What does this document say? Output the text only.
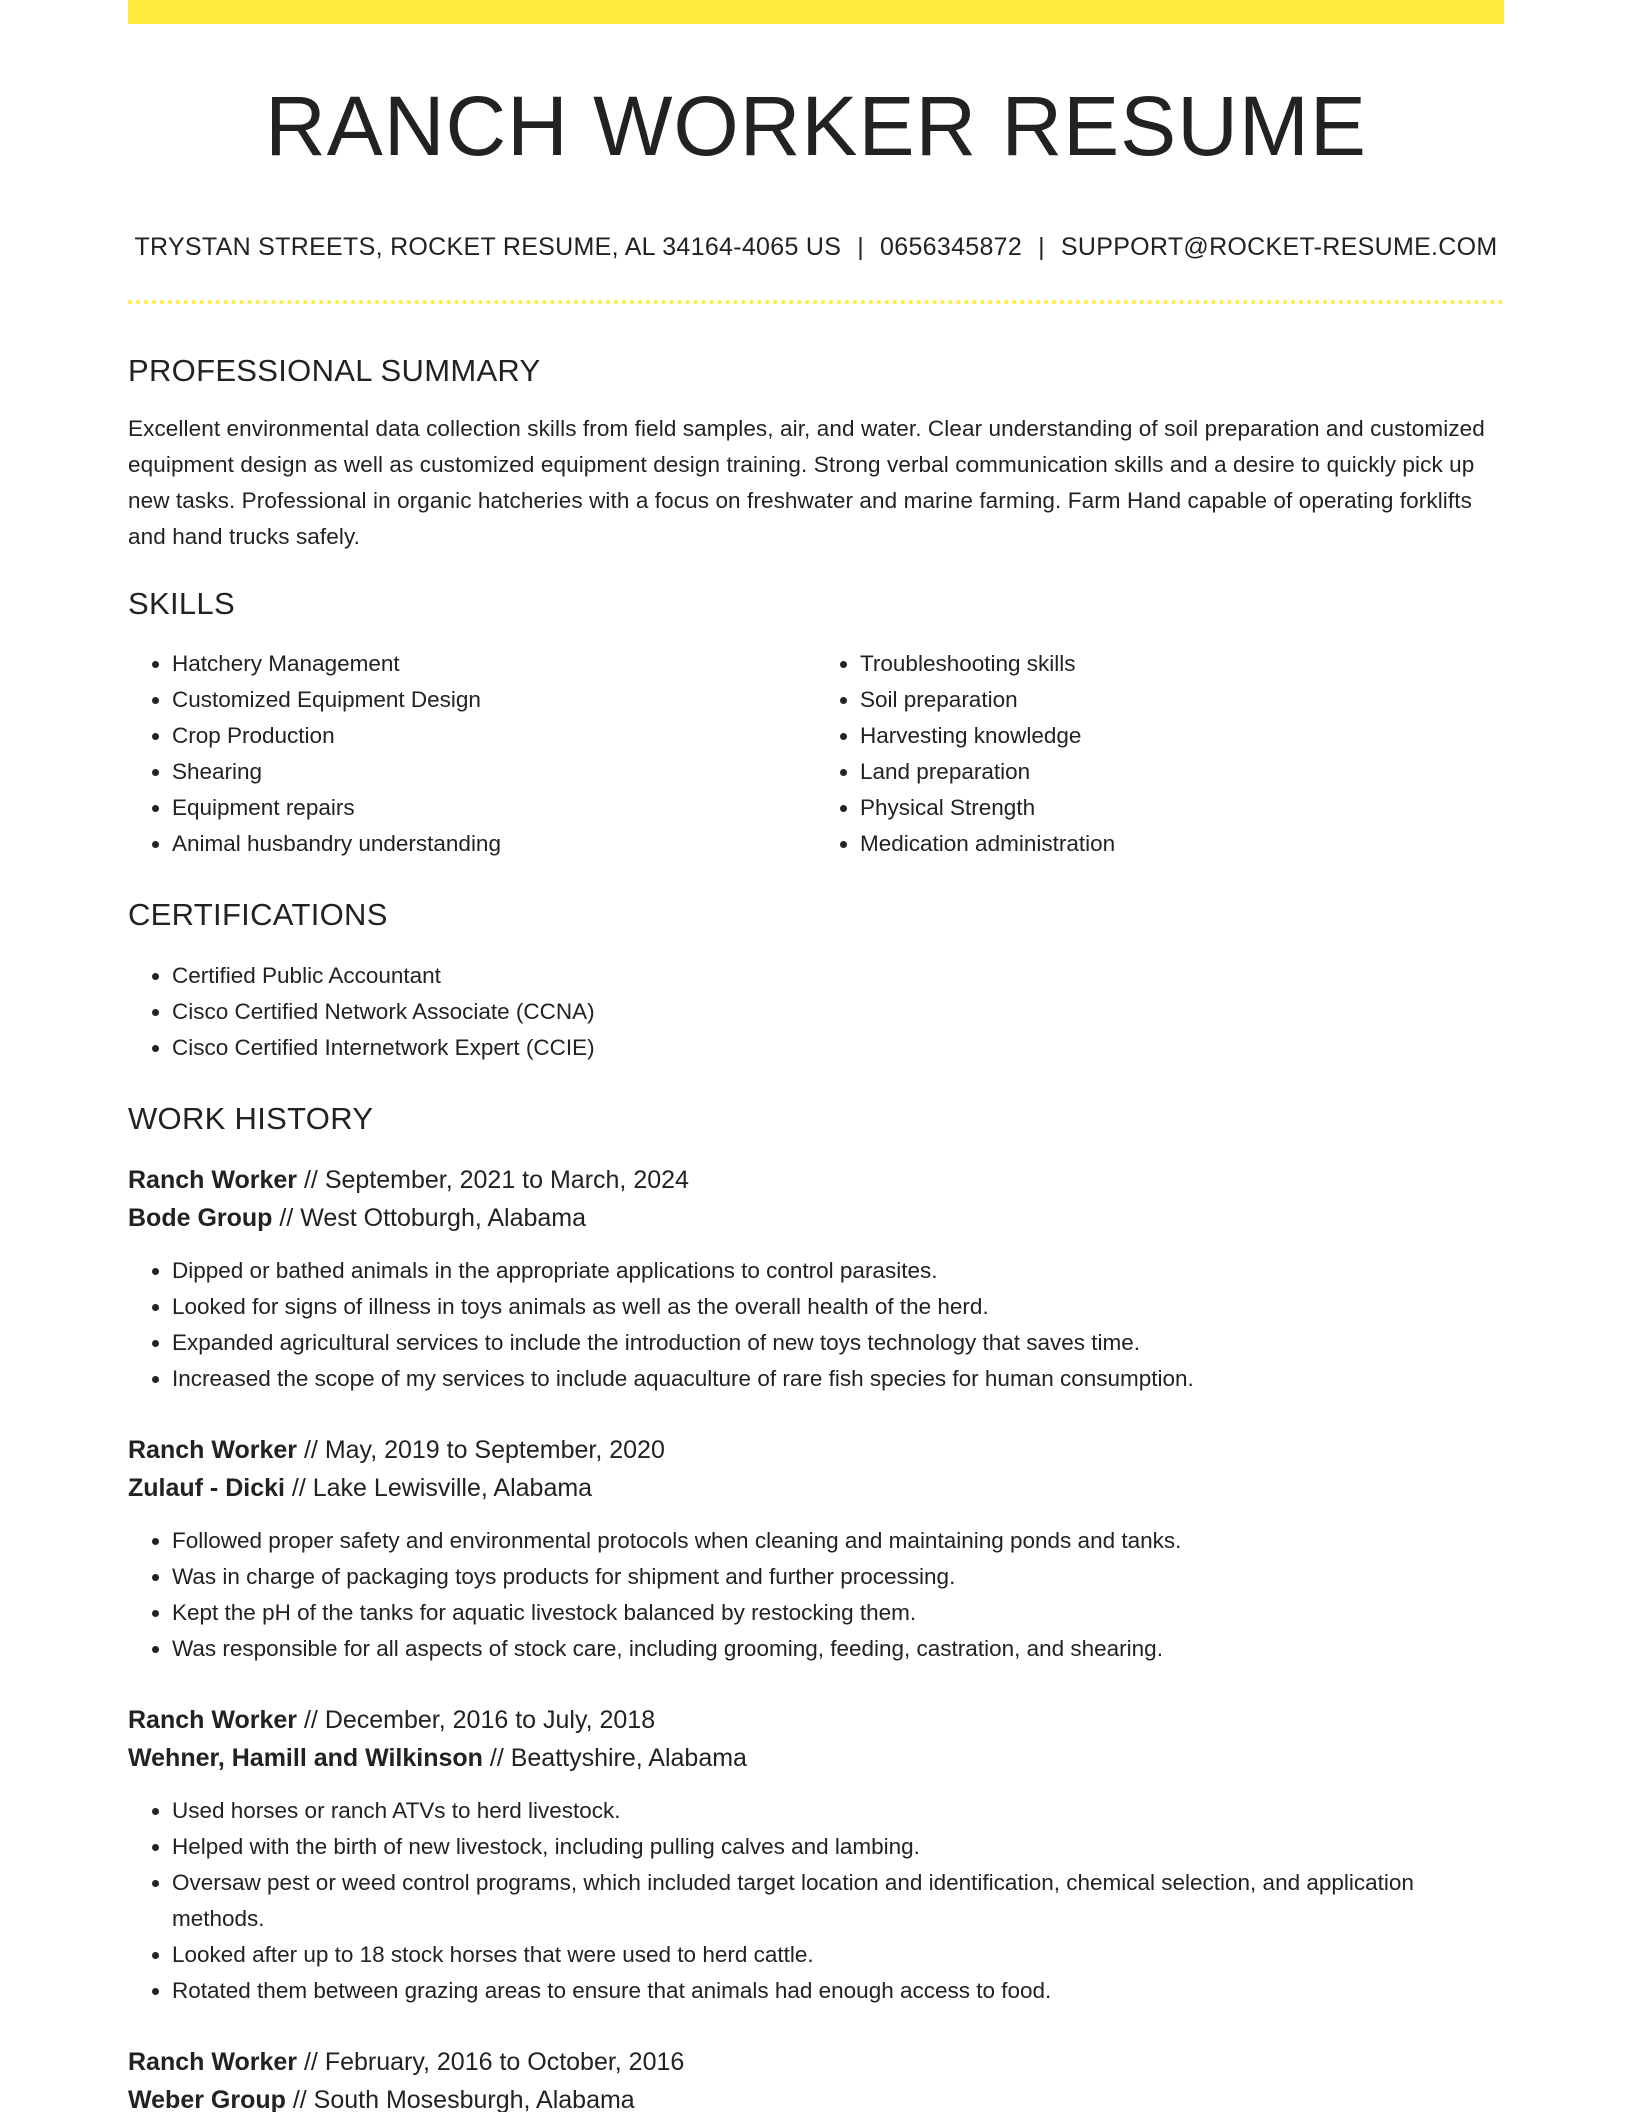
RANCH WORKER RESUME
TRYSTAN STREETS, ROCKET RESUME, AL 34164-4065 US | 0656345872 | SUPPORT@ROCKET-RESUME.COM
PROFESSIONAL SUMMARY

Excellent environmental data collection skills from field samples, air, and water. Clear understanding of soil preparation and customized equipment design as well as customized equipment design training. Strong verbal communication skills and a desire to quickly pick up new tasks. Professional in organic hatcheries with a focus on freshwater and marine farming. Farm Hand capable of operating forklifts and hand trucks safely.

SKILLS
• Hatchery Management
• Customized Equipment Design
• Crop Production
• Shearing
• Equipment repairs
• Animal husbandry understanding
• Troubleshooting skills
• Soil preparation
• Harvesting knowledge
• Land preparation
• Physical Strength
• Medication administration
CERTIFICATIONS
• Certified Public Accountant
• Cisco Certified Network Associate (CCNA)
• Cisco Certified Internetwork Expert (CCIE)
WORK HISTORY
Ranch Worker // September, 2021 to March, 2024
Bode Group // West Ottoburgh, Alabama
• Dipped or bathed animals in the appropriate applications to control parasites.
• Looked for signs of illness in toys animals as well as the overall health of the herd.
• Expanded agricultural services to include the introduction of new toys technology that saves time.
• Increased the scope of my services to include aquaculture of rare fish species for human consumption.
Ranch Worker // May, 2019 to September, 2020
Zulauf - Dicki // Lake Lewisville, Alabama
• Followed proper safety and environmental protocols when cleaning and maintaining ponds and tanks.
• Was in charge of packaging toys products for shipment and further processing.
• Kept the pH of the tanks for aquatic livestock balanced by restocking them.
• Was responsible for all aspects of stock care, including grooming, feeding, castration, and shearing.
Ranch Worker // December, 2016 to July, 2018
Wehner, Hamill and Wilkinson // Beattyshire, Alabama
• Used horses or ranch ATVs to herd livestock.
• Helped with the birth of new livestock, including pulling calves and lambing.
• Oversaw pest or weed control programs, which included target location and identification, chemical selection, and application methods.
• Looked after up to 18 stock horses that were used to herd cattle.
• Rotated them between grazing areas to ensure that animals had enough access to food.
Ranch Worker // February, 2016 to October, 2016
Weber Group // South Mosesburgh, Alabama
